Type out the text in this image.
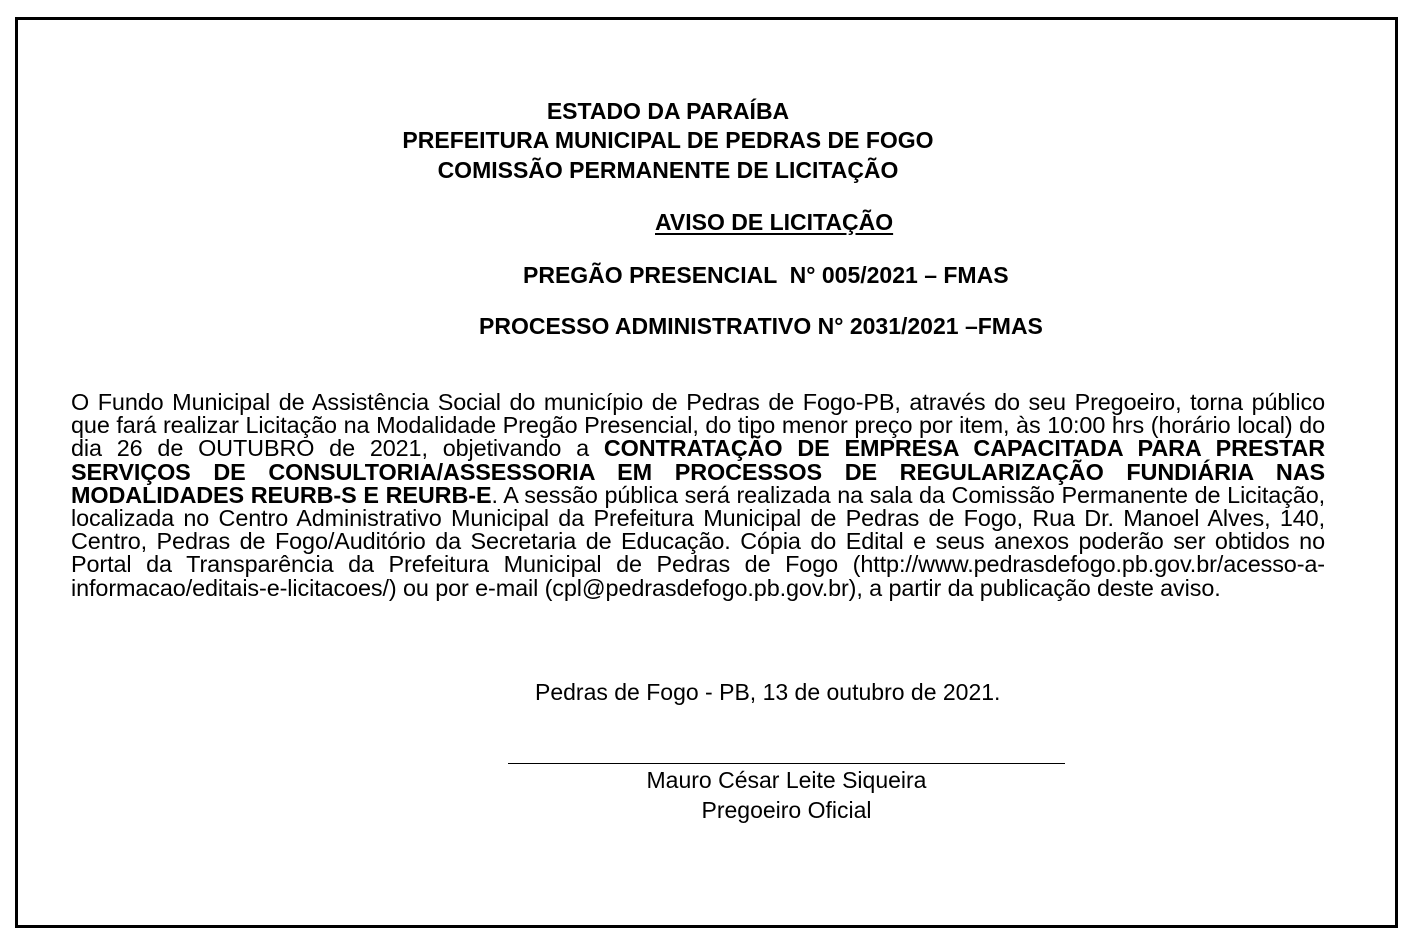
ESTADO DA PARAÍBA
PREFEITURA MUNICIPAL DE PEDRAS DE FOGO
COMISSÃO PERMANENTE DE LICITAÇÃO
AVISO DE LICITAÇÃO
PREGÃO PRESENCIAL  N° 005/2021 – FMAS
PROCESSO ADMINISTRATIVO N° 2031/2021 –FMAS
O Fundo Municipal de Assistência Social do município de Pedras de Fogo-PB, através do seu Pregoeiro, torna público que fará realizar Licitação na Modalidade Pregão Presencial, do tipo menor preço por item, às 10:00 hrs (horário local) do dia 26 de OUTUBRO de 2021, objetivando a CONTRATAÇÃO DE EMPRESA CAPACITADA PARA PRESTAR SERVIÇOS DE CONSULTORIA/ASSESSORIA EM PROCESSOS DE REGULARIZAÇÃO FUNDIÁRIA NAS MODALIDADES REURB-S E REURB-E. A sessão pública será realizada na sala da Comissão Permanente de Licitação, localizada no Centro Administrativo Municipal da Prefeitura Municipal de Pedras de Fogo, Rua Dr. Manoel Alves, 140, Centro, Pedras de Fogo/Auditório da Secretaria de Educação. Cópia do Edital e seus anexos poderão ser obtidos no Portal da Transparência da Prefeitura Municipal de Pedras de Fogo (http://www.pedrasdefogo.pb.gov.br/acesso-a-informacao/editais-e-licitacoes/) ou por e-mail (cpl@pedrasdefogo.pb.gov.br), a partir da publicação deste aviso.
Pedras de Fogo - PB, 13 de outubro de 2021.
Mauro César Leite Siqueira
Pregoeiro Oficial
